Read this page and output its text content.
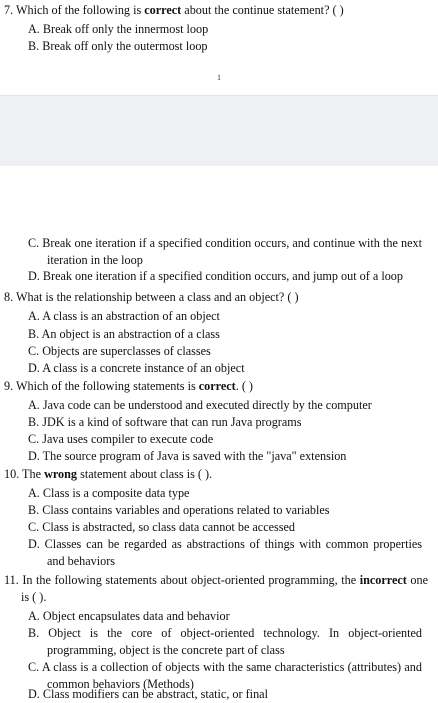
7. Which of the following is correct about the continue statement? ( )
A. Break off only the innermost loop
B. Break off only the outermost loop
1
C. Break one iteration if a specified condition occurs, and continue with the next iteration in the loop
D. Break one iteration if a specified condition occurs, and jump out of a loop
8. What is the relationship between a class and an object? ( )
A. A class is an abstraction of an object
B. An object is an abstraction of a class
C. Objects are superclasses of classes
D. A class is a concrete instance of an object
9. Which of the following statements is correct. ( )
A. Java code can be understood and executed directly by the computer
B. JDK is a kind of software that can run Java programs
C. Java uses compiler to execute code
D. The source program of Java is saved with the "java" extension
10. The wrong statement about class is ( ).
A. Class is a composite data type
B. Class contains variables and operations related to variables
C. Class is abstracted, so class data cannot be accessed
D. Classes can be regarded as abstractions of things with common properties and behaviors
11. In the following statements about object-oriented programming, the incorrect one is ( ).
A. Object encapsulates data and behavior
B. Object is the core of object-oriented technology. In object-oriented programming, object is the concrete part of class
C. A class is a collection of objects with the same characteristics (attributes) and common behaviors (Methods)
D. Class modifiers can be abstract, static, or final
